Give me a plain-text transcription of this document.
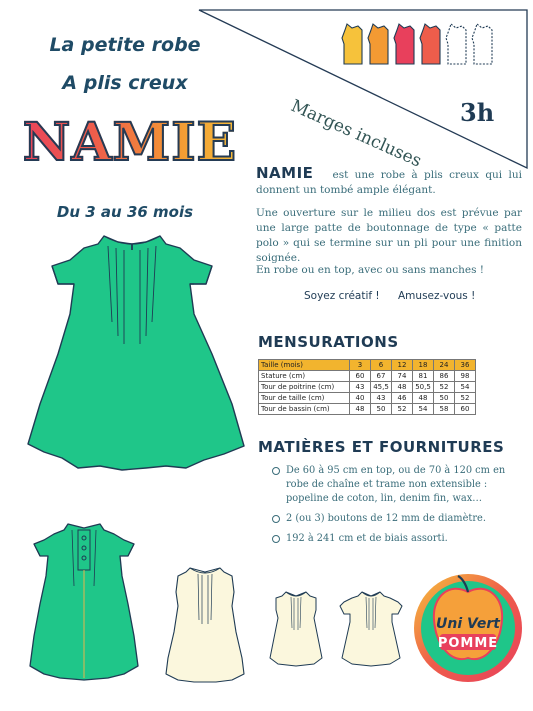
La petite robe
A plis creux
NAMIE
Du 3 au 36 mois
Marges incluses 3h
NAMIE est une robe à plis creux qui lui donnent un tombé ample élégant.
Une ouverture sur le milieu dos est prévue par une large patte de boutonnage de type « patte polo » qui se termine sur un pli pour une finition soignée.
En robe ou en top, avec ou sans manches !
Soyez créatif ! Amusez-vous !
MENSURATIONS
Taille (mois)	3	6	12	18	24	36
Stature (cm)	60	67	74	81	86	98
Tour de poitrine (cm)	43	45,5	48	50,5	52	54
Tour de taille (cm)	40	43	46	48	50	52
Tour de bassin (cm)	48	50	52	54	58	60
MATIÈRES ET FOURNITURES
De 60 à 95 cm en top, ou de 70 à 120 cm en robe de chaîne et trame non extensible : popeline de coton, lin, denim fin, wax…
2 (ou 3) boutons de 12 mm de diamètre.
192 à 241 cm et de biais assorti.
Uni Vert
POMME
